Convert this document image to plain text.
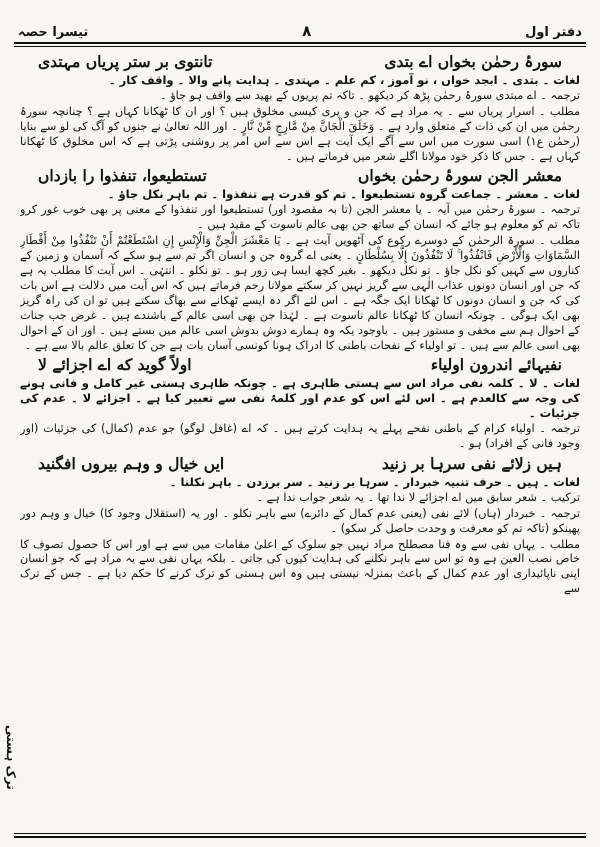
تیسرا حصہ	۸	دفتر اول
سورۂ رحمٰن بخواں اے بتدی
تانتوی بر ستر پریاں مہتدی

لغات ۔ بتدی ۔ ابجد خواں ، نو آموز ، کم علم ۔ مہتدی ۔ ہدایت پانے والا ۔ واقف کار ۔

ترجمہ ۔ اے مبتدی سورۂ رحمٰن پڑھ کر دیکھو ۔ تاکہ تم پریوں کے بھید سے واقف ہو جاؤ ۔

مطلب ۔ اسرار پریاں سے ۔ یہ مراد ہے کہ جن و پری کیسی مخلوق ہیں ؟ اور ان کا ٹھکانا کہاں ہے ؟ چنانچہ سورۂ رحمٰن میں ان کی ذات کے متعلق وارد ہے ۔ وَخَلَقَ الْجَانَّ مِنْ مَّارِجٍ مِّنْ نَّارٍ ۔ اور اللہ تعالیٰ نے جنوں کو آگ کی لو سے بنایا (رحمٰن ع۱) اسی سورت میں اس سے آگے ایک آیت ہے اس سے اس امر پر روشنی پڑتی ہے کہ اس مخلوق کا ٹھکانا کہاں ہے ۔ جس کا ذکر خود مولانا اگلے شعر میں فرماتے ہیں ۔

معشر الجن سورۂ رحمٰن بخواں
تستطیعوا، تنفذوا را بازداں

لغات ۔ معشر ۔ جماعت گروہ تستطیعوا ۔ تم کو قدرت ہے تنفذوا ۔ تم باہر نکل جاؤ ۔

ترجمہ ۔ سورۂ رحمٰن میں آیہ ۔ یا معشر الجن (تا بہ مقصود اور) تستطیعوا اور تنفذوا کے معنی پر بھی خوب غور کرو تاکہ تم کو معلوم ہو جائے کہ انسان کے ساتھ جن بھی عالم ناسوت کے مقید ہیں ۔

مطلب ۔ سورۃ الرحمٰن کے دوسرے رکوع کی آٹھویں آیت ہے ۔ یَا مَعْشَرَ الْجِنِّ وَالْإِنْسِ إِنِ اسْتَطَعْتُمْ أَنْ تَنْفُذُوا مِنْ أَقْطَارِ السَّمَاوَاتِ وَالْأَرْضِ فَانْفُذُوا ۚ لَا تَنْفُذُونَ إِلَّا بِسُلْطَانٍ ۔ یعنی اے گروہ جن و انسان اگر تم سے ہو سکے کہ آسمان و زمین کے کناروں سے کہیں کو نکل جاؤ ۔ تو نکل دیکھو ۔ بغیر کچھ ایسا ہی زور ہو ۔ تو نکلو ۔ انتہٰی ۔ اس آیت کا مطلب یہ ہے کہ جن اور انسان دونوں عذاب الٰہی سے گریز نہیں کر سکتے مولانا رحم فرماتے ہیں کہ اس آیت میں دلالت ہے اس بات کی کہ جن و انسان دونوں کا ٹھکانا ایک جگہ ہے ۔ اس لئے اگر دہ ایسے ٹھکانے سے بھاگ سکتے ہیں تو ان کی راہ گریز بھی ایک ہوگی ۔ چونکہ انسان کا ٹھکانا عالم ناسوت ہے ۔ لہٰذا جن بھی اسی عالم کے باشندے ہیں ۔ غرض جب جنات کے احوال ہم سے مخفی و مستور ہیں ۔ باوجود یکہ وہ ہمارے دوش بدوش اسی عالم میں بستے ہیں ۔ اور ان کے احوال بھی اسی عالم سے ہیں ۔ تو اولیاء کے نفحات باطنی کا ادراک ہونا کونسی آسان بات ہے جن کا تعلق عالم بالا سے ہے ۔

نفیہائے اندرون اولیاء
اولاً گوید که اے اجزائے لا

لغات ۔ لا ۔ کلمہ نفی مراد اس سے ہستی ظاہری ہے ۔ چونکہ ظاہری ہستی غیر کامل و فانی ہونے کی وجہ سے کالعدم ہے ۔ اس لئے اس کو عدم اور کلمۂ نفی سے تعبیر کیا ہے ۔ اجزائے لا ۔ عدم کی جزئیات ۔

ترجمہ ۔ اولیاء کرام کے باطنی نفحے پہلے یہ ہدایت کرتے ہیں ۔ کہ اے (غافل لوگو) جو عدم (کمال) کی جزئیات (اور وجود فانی کے افراد) ہو ۔

ہیں زلائے نفی سرہا بر زنید
ایں خیال و وہم بیروں افگنید

لغات ۔ ہیں ۔ حرف تنبیہ خبردار ۔ سرہا بر زنید ۔ سر برزدن ۔ باہر نکلنا ۔

ترکیب ۔ شعر سابق میں اے اجزائے لا ندا تھا ۔ یہ شعر جواب ندا ہے ۔

ترجمہ ۔ خبردار (ہاں) لائے نفی (یعنی عدم کمال کے دائرے) سے باہر نکلو ۔ اور یہ (استقلال وجود کا) خیال و وہم دور پھینکو (تاکہ تم کو معرفت و وحدت حاصل کر سکو) ۔

مطلب ۔ یہاں نفی سے وہ فنا مصطلح مراد نہیں جو سلوک کے اعلیٰ مقامات میں سے ہے اور اس کا حصول تصوف کا خاص نصب العین ہے وہ تو اس سے باہر نکلنے کی ہدایت کیوں کی جاتی ۔ بلکہ یہاں نفی سے یہ مراد ہے کہ جو انسان اپنی ناپائیداری اور عدم کمال کے باعث بمنزلہ نیستی ہیں وہ اس ہستی کو ترک کرنے کا حکم دیا ہے ۔ جس کے ترک سے

ترک ہستی
